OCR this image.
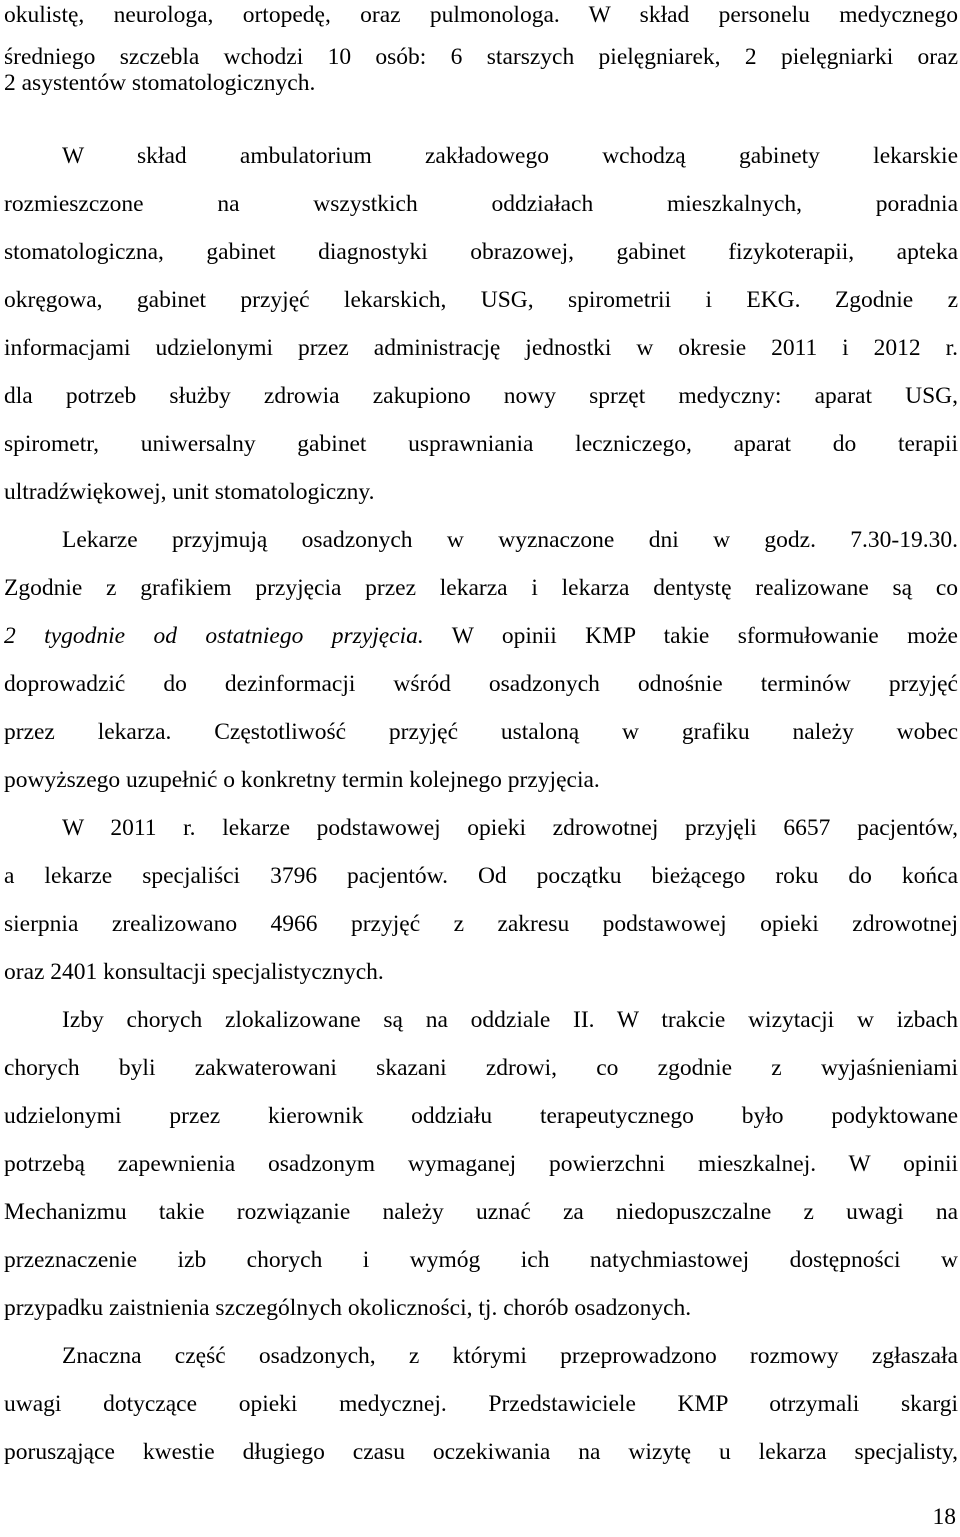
okulistę, neurologa, ortopedę, oraz pulmonologa. W skład personelu medycznego
średniego szczebla wchodzi 10 osób: 6 starszych pielęgniarek, 2 pielęgniarki oraz
2 asystentów stomatologicznych.
W skład ambulatorium zakładowego wchodzą gabinety lekarskie
rozmieszczone na wszystkich oddziałach mieszkalnych, poradnia
stomatologiczna, gabinet diagnostyki obrazowej, gabinet fizykoterapii, apteka
okręgowa, gabinet przyjęć lekarskich, USG, spirometrii i EKG. Zgodnie z
informacjami udzielonymi przez administrację jednostki w okresie 2011 i 2012 r.
dla potrzeb służby zdrowia zakupiono nowy sprzęt medyczny: aparat USG,
spirometr, uniwersalny gabinet usprawniania leczniczego, aparat do terapii
ultradźwiękowej, unit stomatologiczny.
Lekarze przyjmują osadzonych w wyznaczone dni w godz. 7.30-19.30.
Zgodnie z grafikiem przyjęcia przez lekarza i lekarza dentystę realizowane są co
2 tygodnie od ostatniego przyjęcia. W opinii KMP takie sformułowanie może
doprowadzić do dezinformacji wśród osadzonych odnośnie terminów przyjęć
przez lekarza. Częstotliwość przyjęć ustaloną w grafiku należy wobec
powyższego uzupełnić o konkretny termin kolejnego przyjęcia.
W 2011 r. lekarze podstawowej opieki zdrowotnej przyjęli 6657 pacjentów,
a lekarze specjaliści 3796 pacjentów. Od początku bieżącego roku do końca
sierpnia zrealizowano 4966 przyjęć z zakresu podstawowej opieki zdrowotnej
oraz 2401 konsultacji specjalistycznych.
Izby chorych zlokalizowane są na oddziale II. W trakcie wizytacji w izbach
chorych byli zakwaterowani skazani zdrowi, co zgodnie z wyjaśnieniami
udzielonymi przez kierownik oddziału terapeutycznego było podyktowane
potrzebą zapewnienia osadzonym wymaganej powierzchni mieszkalnej. W opinii
Mechanizmu takie rozwiązanie należy uznać za niedopuszczalne z uwagi na
przeznaczenie izb chorych i wymóg ich natychmiastowej dostępności w
przypadku zaistnienia szczególnych okoliczności, tj. chorób osadzonych.
Znaczna część osadzonych, z którymi przeprowadzono rozmowy zgłaszała
uwagi dotyczące opieki medycznej. Przedstawiciele KMP otrzymali skargi
porusząjące kwestie długiego czasu oczekiwania na wizytę u lekarza specjalisty,
18
